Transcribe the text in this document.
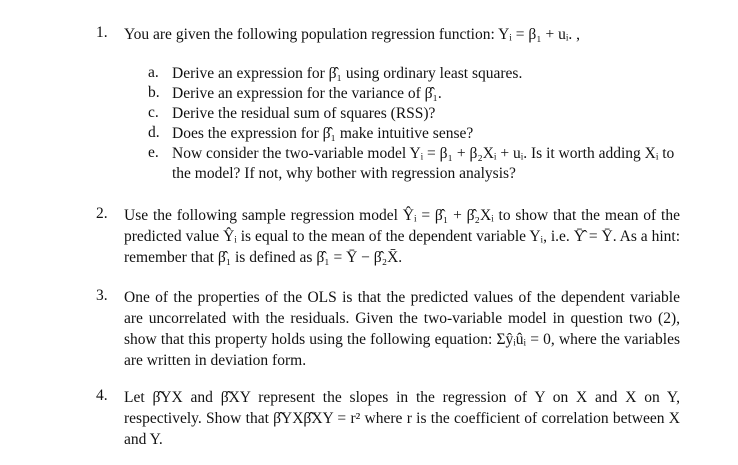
1. You are given the following population regression function: Yᵢ = β₁ + uᵢ. ,
a. Derive an expression for β̂₁ using ordinary least squares.
b. Derive an expression for the variance of β̂₁.
c. Derive the residual sum of squares (RSS)?
d. Does the expression for β̂₁ make intuitive sense?
e. Now consider the two-variable model Yᵢ = β₁ + β₂Xᵢ + uᵢ. Is it worth adding Xᵢ to the model? If not, why bother with regression analysis?
2. Use the following sample regression model Ŷᵢ = β̂₁ + β̂₂Xᵢ to show that the mean of the predicted value Ŷᵢ is equal to the mean of the dependent variable Yᵢ, i.e. Ȳ̂ = Ȳ. As a hint: remember that β̂₁ is defined as β̂₁ = Ȳ − β̂₂X̄.
3. One of the properties of the OLS is that the predicted values of the dependent variable are uncorrelated with the residuals. Given the two-variable model in question two (2), show that this property holds using the following equation: Σŷᵢûᵢ = 0, where the variables are written in deviation form.
4. Let β̂YX and β̂XY represent the slopes in the regression of Y on X and X on Y, respectively. Show that β̂YXβ̂XY = r² where r is the coefficient of correlation between X and Y.
